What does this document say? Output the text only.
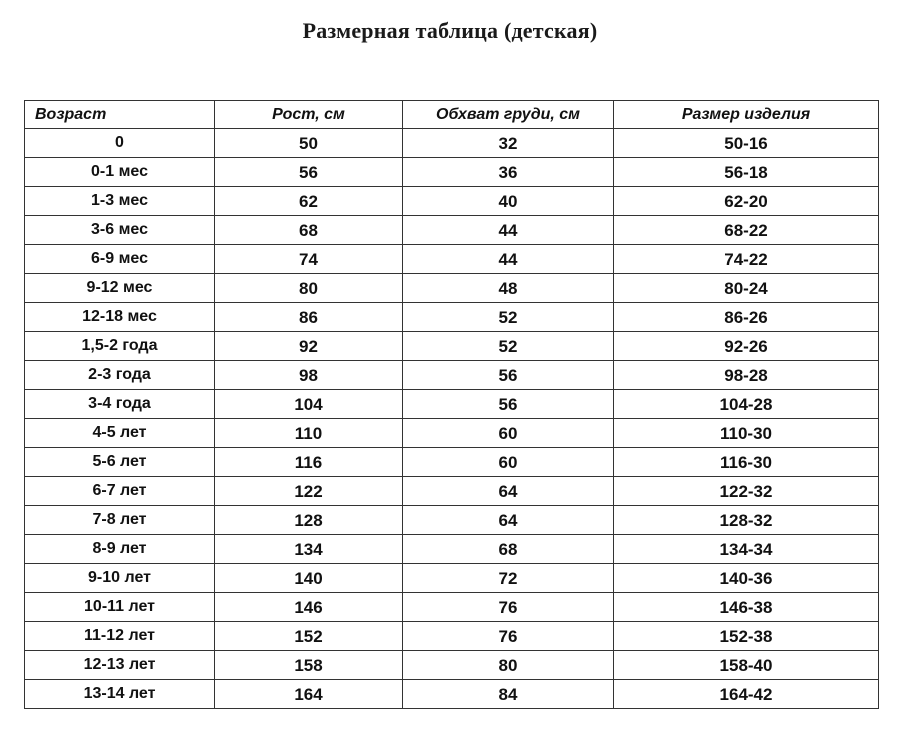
Размерная таблица (детская)
Возраст	Рост, см	Обхват груди, см	Размер изделия
0	50	32	50-16
0-1 мес	56	36	56-18
1-3 мес	62	40	62-20
3-6 мес	68	44	68-22
6-9 мес	74	44	74-22
9-12 мес	80	48	80-24
12-18 мес	86	52	86-26
1,5-2 года	92	52	92-26
2-3 года	98	56	98-28
3-4 года	104	56	104-28
4-5 лет	110	60	110-30
5-6 лет	116	60	116-30
6-7 лет	122	64	122-32
7-8 лет	128	64	128-32
8-9 лет	134	68	134-34
9-10 лет	140	72	140-36
10-11 лет	146	76	146-38
11-12 лет	152	76	152-38
12-13 лет	158	80	158-40
13-14 лет	164	84	164-42
